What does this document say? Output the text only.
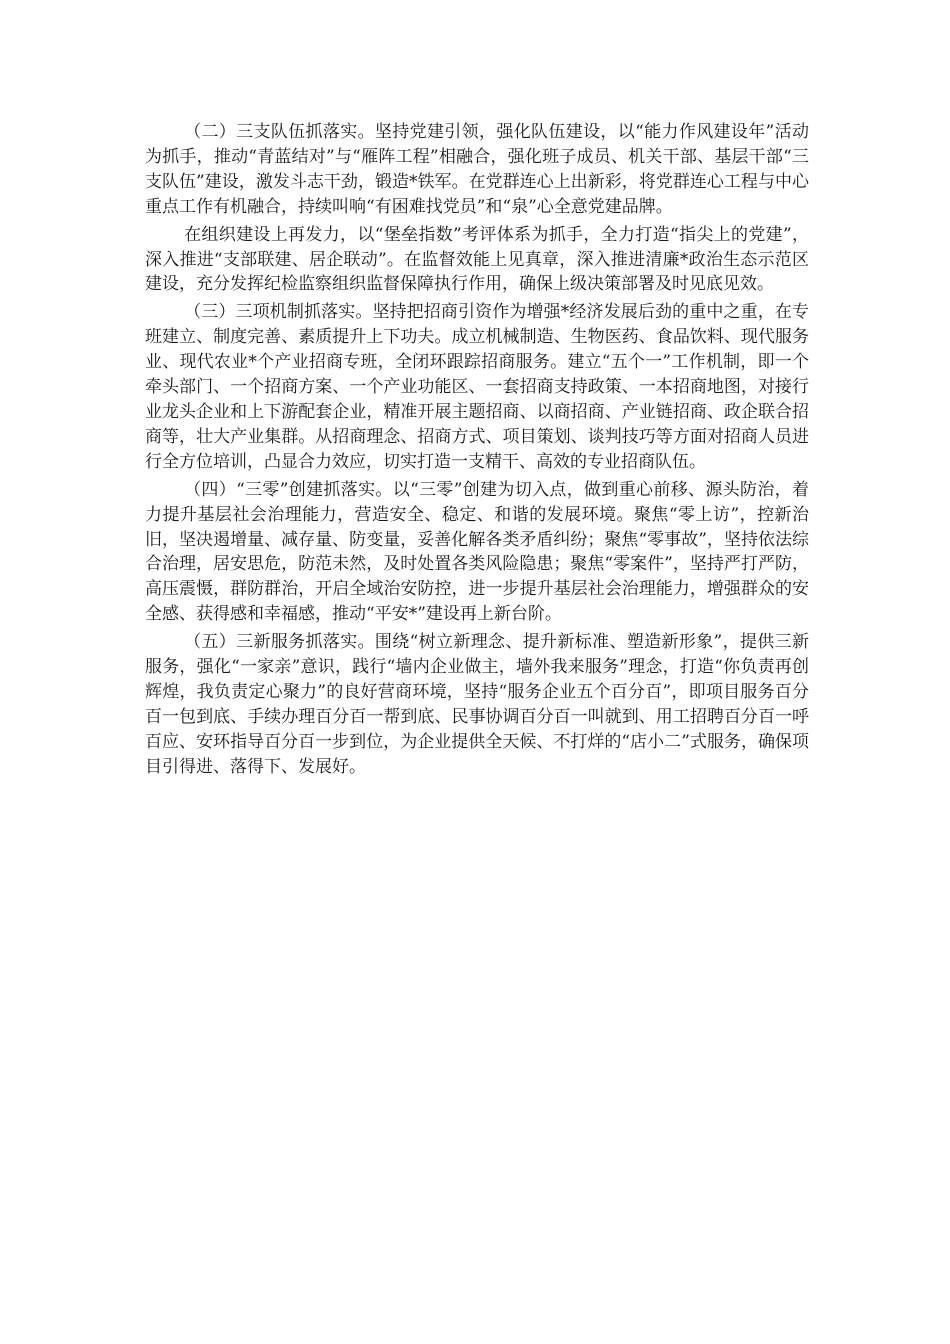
（二）三支队伍抓落实。坚持党建引领，强化队伍建设，以“能力作风建设年”活动为抓手，推动“青蓝结对”与“雁阵工程”相融合，强化班子成员、机关干部、基层干部“三支队伍”建设，激发斗志干劲，锻造*铁军。在党群连心上出新彩，将党群连心工程与中心重点工作有机融合，持续叫响“有困难找党员”和“泉”心全意党建品牌。

在组织建设上再发力，以“堡垒指数”考评体系为抓手，全力打造“指尖上的党建”，深入推进“支部联建、居企联动”。在监督效能上见真章，深入推进清廉*政治生态示范区建设，充分发挥纪检监察组织监督保障执行作用，确保上级决策部署及时见底见效。

（三）三项机制抓落实。坚持把招商引资作为增强*经济发展后劲的重中之重，在专班建立、制度完善、素质提升上下功夫。成立机械制造、生物医药、食品饮料、现代服务业、现代农业*个产业招商专班，全闭环跟踪招商服务。建立“五个一”工作机制，即一个牵头部门、一个招商方案、一个产业功能区、一套招商支持政策、一本招商地图，对接行业龙头企业和上下游配套企业，精准开展主题招商、以商招商、产业链招商、政企联合招商等，壮大产业集群。从招商理念、招商方式、项目策划、谈判技巧等方面对招商人员进行全方位培训，凸显合力效应，切实打造一支精干、高效的专业招商队伍。

（四）“三零”创建抓落实。以“三零”创建为切入点，做到重心前移、源头防治，着力提升基层社会治理能力，营造安全、稳定、和谐的发展环境。聚焦“零上访”，控新治旧，坚决遏增量、减存量、防变量，妥善化解各类矛盾纠纷；聚焦“零事故”，坚持依法综合治理，居安思危，防范未然，及时处置各类风险隐患；聚焦“零案件”，坚持严打严防，高压震慑，群防群治，开启全域治安防控，进一步提升基层社会治理能力，增强群众的安全感、获得感和幸福感，推动“平安*”建设再上新台阶。

（五）三新服务抓落实。围绕“树立新理念、提升新标准、塑造新形象”，提供三新服务，强化“一家亲”意识，践行“墙内企业做主，墙外我来服务”理念，打造“你负责再创辉煌，我负责定心聚力”的良好营商环境，坚持“服务企业五个百分百”，即项目服务百分百一包到底、手续办理百分百一帮到底、民事协调百分百一叫就到、用工招聘百分百一呼百应、安环指导百分百一步到位，为企业提供全天候、不打烊的“店小二”式服务，确保项目引得进、落得下、发展好。
